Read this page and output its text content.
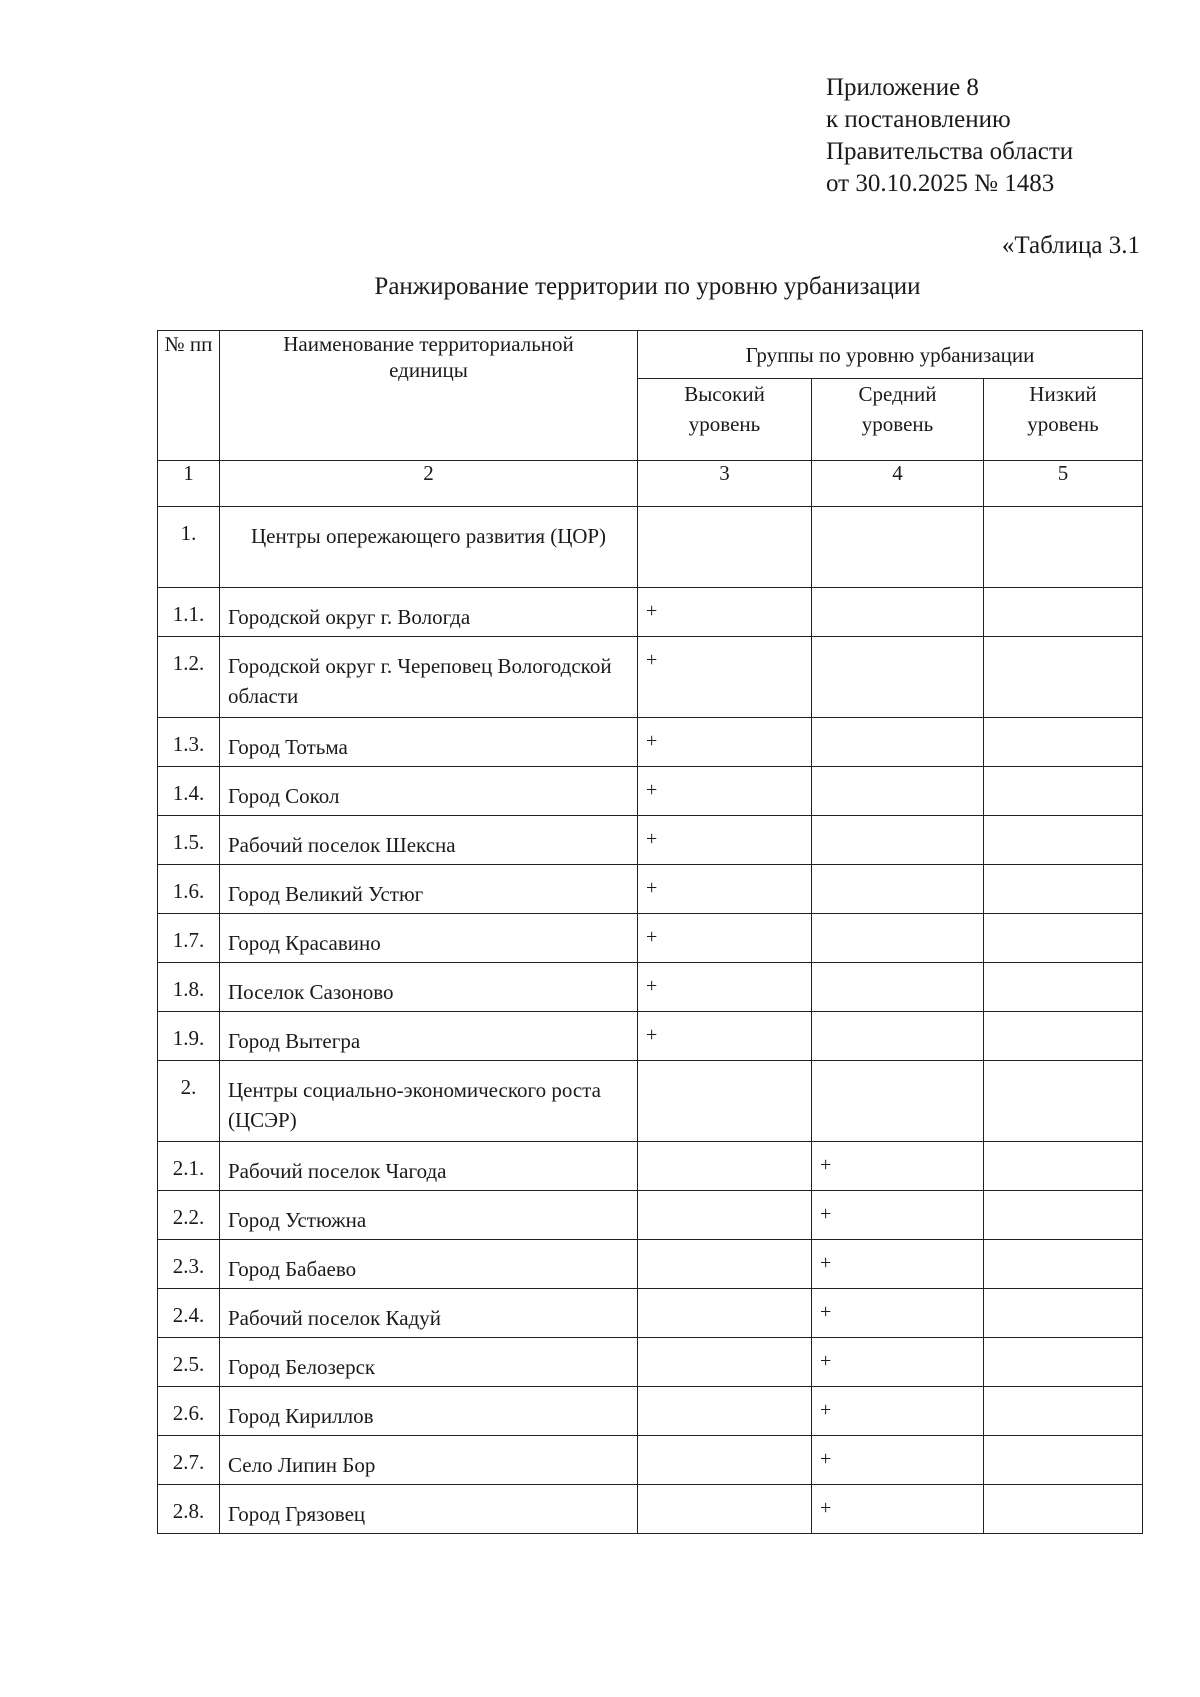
Приложение 8
к постановлению
Правительства области
от 30.10.2025 № 1483
«Таблица 3.1
Ранжирование территории по уровню урбанизации
№ пп	Наименование территориальной единицы	Группы по уровню урбанизации		
		Высокий уровень	Средний уровень	Низкий уровень
1	2	3	4	5
1.	Центры опережающего развития (ЦОР)			
1.1.	Городской округ г. Вологда	+		
1.2.	Городской округ г. Череповец Вологодской области	+		
1.3.	Город Тотьма	+		
1.4.	Город Сокол	+		
1.5.	Рабочий поселок Шексна	+		
1.6.	Город Великий Устюг	+		
1.7.	Город Красавино	+		
1.8.	Поселок Сазоново	+		
1.9.	Город Вытегра	+		
2.	Центры социально-экономического роста (ЦСЭР)			
2.1.	Рабочий поселок Чагода		+	
2.2.	Город Устюжна		+	
2.3.	Город Бабаево		+	
2.4.	Рабочий поселок Кадуй		+	
2.5.	Город Белозерск		+	
2.6.	Город Кириллов		+	
2.7.	Село Липин Бор		+	
2.8.	Город Грязовец		+	
